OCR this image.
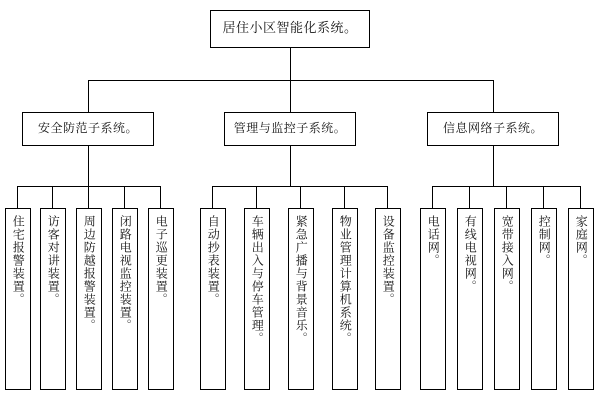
居住小区智能化系统。
安全防范子系统。	管理与监控子系统。	信息网络子系统。
住宅报警装置。 访客对讲装置。 周边防越报警装置。 闭路电视监控装置。 电子巡更装置。	自动抄表装置。	车辆出入与停车管理。	紧急广播与背景音乐。	物业管理计算机系统。 设备监控装置。	电话网。 有线电视网。 宽带接入网。 控制网。 家庭网。
